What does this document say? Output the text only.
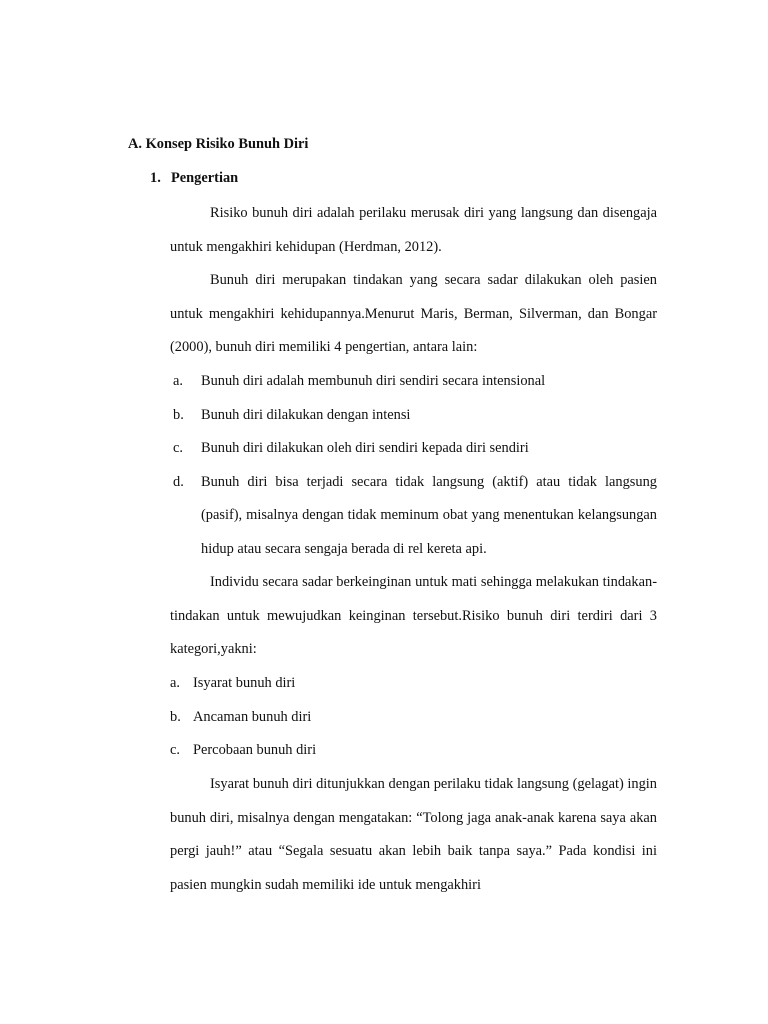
A. Konsep Risiko Bunuh Diri
1. Pengertian

Risiko bunuh diri adalah perilaku merusak diri yang langsung dan disengaja untuk mengakhiri kehidupan (Herdman, 2012).

Bunuh diri merupakan tindakan yang secara sadar dilakukan oleh pasien untuk mengakhiri kehidupannya.Menurut Maris, Berman, Silverman, dan Bongar (2000), bunuh diri memiliki 4 pengertian, antara lain:

a. Bunuh diri adalah membunuh diri sendiri secara intensional
b. Bunuh diri dilakukan dengan intensi
c. Bunuh diri dilakukan oleh diri sendiri kepada diri sendiri
d. Bunuh diri bisa terjadi secara tidak langsung (aktif) atau tidak langsung (pasif), misalnya dengan tidak meminum obat yang menentukan kelangsungan hidup atau secara sengaja berada di rel kereta api.

Individu secara sadar berkeinginan untuk mati sehingga melakukan tindakan-tindakan untuk mewujudkan keinginan tersebut.Risiko bunuh diri terdiri dari 3 kategori,yakni:

a. Isyarat bunuh diri
b. Ancaman bunuh diri
c. Percobaan bunuh diri

Isyarat bunuh diri ditunjukkan dengan perilaku tidak langsung (gelagat) ingin bunuh diri, misalnya dengan mengatakan: “Tolong jaga anak-anak karena saya akan pergi jauh!” atau “Segala sesuatu akan lebih baik tanpa saya.” Pada kondisi ini pasien mungkin sudah memiliki ide untuk mengakhiri
